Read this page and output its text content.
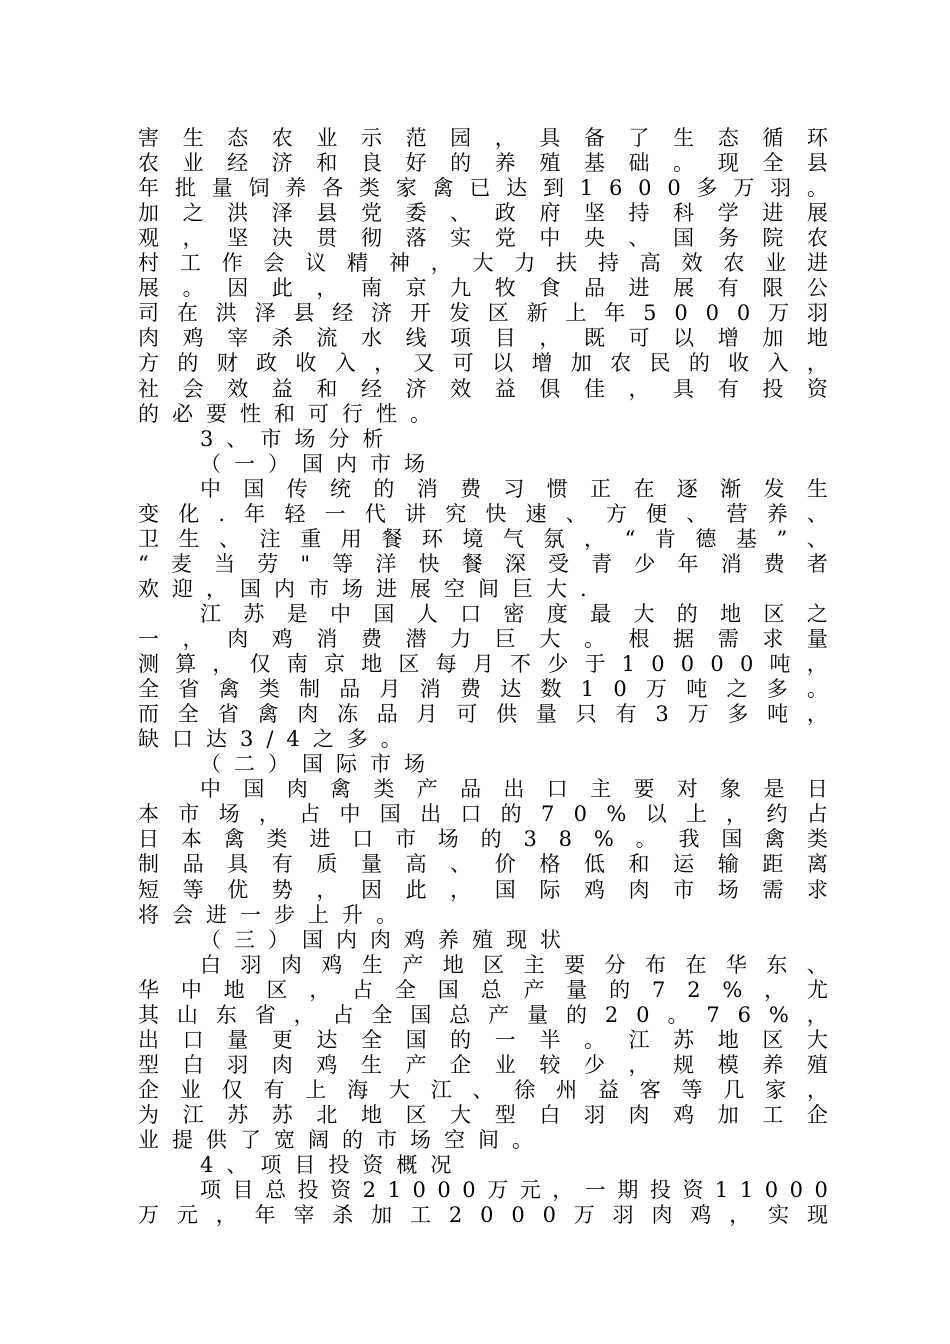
害 生 态 农 业 示 范 园 ， 具 备 了 生 态 循 环
农 业 经 济 和 良 好 的 养 殖 基 础 。 现 全 县
年 批 量 饲 养 各 类 家 禽 已 达 到 1 6 0 0 多 万 羽 。
加 之 洪 泽 县 党 委 、 政 府 坚 持 科 学 进 展
观 ， 坚 决 贯 彻 落 实 党 中 央 、 国 务 院 农
村 工 作 会 议 精 神 ， 大 力 扶 持 高 效 农 业 进
展 。 因 此 ， 南 京 九 牧 食 品 进 展 有 限 公
司 在 洪 泽 县 经 济 开 发 区 新 上 年 5 0 0 0 万 羽
肉 鸡 宰 杀 流 水 线 项 目 ， 既 可 以 增 加 地
方 的 财 政 收 入 ， 又 可 以 增 加 农 民 的 收 入 ，
社 会 效 益 和 经 济 效 益 俱 佳 ， 具 有 投 资
的必要性和可行性。
3、市场分析
（一）国内市场
中 国 传 统 的 消 费 习 惯 正 在 逐 渐 发 生
变 化 . 年 轻 一 代 讲 究 快 速 、 方 便 、 营 养 、
卫 生 、 注 重 用 餐 环 境 气 氛 ， “ 肯 德 基 ” 、
“ 麦 当 劳 " 等 洋 快 餐 深 受 青 少 年 消 费 者
欢迎，国内市场进展空间巨大.
江 苏 是 中 国 人 口 密 度 最 大 的 地 区 之
一 ， 肉 鸡 消 费 潜 力 巨 大 。 根 据 需 求 量
测 算 ， 仅 南 京 地 区 每 月 不 少 于 1 0 0 0 0 吨 ，
全 省 禽 类 制 品 月 消 费 达 数 1 0 万 吨 之 多 。
而 全 省 禽 肉 冻 品 月 可 供 量 只 有 3 万 多 吨 ，
缺口达3/4之多。
（二）国际市场
中 国 肉 禽 类 产 品 出 口 主 要 对 象 是 日
本 市 场 ， 占 中 国 出 口 的 7 0 % 以 上 ， 约 占
日 本 禽 类 进 口 市 场 的 3 8 % 。 我 国 禽 类
制 品 具 有 质 量 高 、 价 格 低 和 运 输 距 离
短 等 优 势 ， 因 此 ， 国 际 鸡 肉 市 场 需 求
将会进一步上升。
（三）国内肉鸡养殖现状
白 羽 肉 鸡 生 产 地 区 主 要 分 布 在 华 东 、
华 中 地 区 ， 占 全 国 总 产 量 的 7 2 % ， 尤
其 山 东 省 ， 占 全 国 总 产 量 的 2 0 。 7 6 % ，
出 口 量 更 达 全 国 的 一 半 。 江 苏 地 区 大
型 白 羽 肉 鸡 生 产 企 业 较 少 ， 规 模 养 殖
企 业 仅 有 上 海 大 江 、 徐 州 益 客 等 几 家 ，
为 江 苏 苏 北 地 区 大 型 白 羽 肉 鸡 加 工 企
业提供了宽阔的市场空间。
4、项目投资概况
项 目 总 投 资 2 1 0 0 0 万 元 ， 一 期 投 资 1 1 0 0 0
万 元 ， 年 宰 杀 加 工 2 0 0 0 万 羽 肉 鸡 ， 实 现
